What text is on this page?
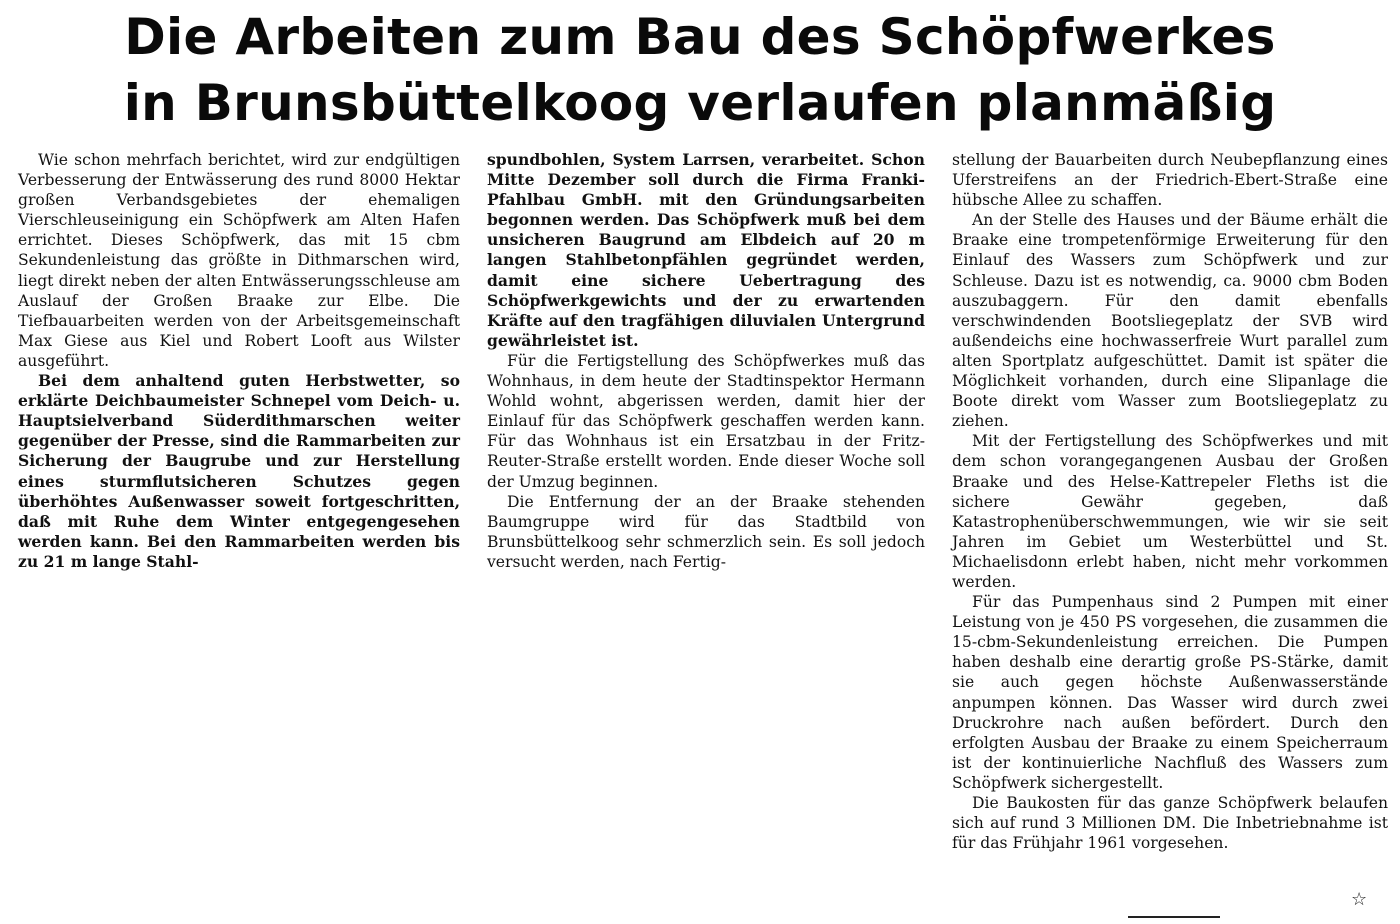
Die Arbeiten zum Bau des Schöpfwerkes
in Brunsbüttelkoog verlaufen planmäßig

Wie schon mehrfach berichtet, wird zur endgültigen Verbesserung der Entwässerung des rund 8000 Hektar großen Verbandsgebietes der ehemaligen Vierschleuseinigung ein Schöpfwerk am Alten Hafen errichtet. Dieses Schöpfwerk, das mit 15 cbm Sekundenleistung das größte in Dithmarschen wird, liegt direkt neben der alten Entwässerungsschleuse am Auslauf der Großen Braake zur Elbe. Die Tiefbauarbeiten werden von der Arbeitsgemeinschaft Max Giese aus Kiel und Robert Looft aus Wilster ausgeführt.

Bei dem anhaltend guten Herbstwetter, so erklärte Deichbaumeister Schnepel vom Deich- u. Hauptsielverband Süderdithmarschen weiter gegenüber der Presse, sind die Rammarbeiten zur Sicherung der Baugrube und zur Herstellung eines sturmflutsicheren Schutzes gegen überhöhtes Außenwasser soweit fortgeschritten, daß mit Ruhe dem Winter entgegengesehen werden kann. Bei den Rammarbeiten werden bis zu 21 m lange Stahl-

spundbohlen, System Larrsen, verarbeitet. Schon Mitte Dezember soll durch die Firma Franki-Pfahlbau GmbH. mit den Gründungsarbeiten begonnen werden. Das Schöpfwerk muß bei dem unsicheren Baugrund am Elbdeich auf 20 m langen Stahlbetonpfählen gegründet werden, damit eine sichere Uebertragung des Schöpfwerkgewichts und der zu erwartenden Kräfte auf den tragfähigen diluvialen Untergrund gewährleistet ist.

Für die Fertigstellung des Schöpfwerkes muß das Wohnhaus, in dem heute der Stadtinspektor Hermann Wohld wohnt, abgerissen werden, damit hier der Einlauf für das Schöpfwerk geschaffen werden kann. Für das Wohnhaus ist ein Ersatzbau in der Fritz-Reuter-Straße erstellt worden. Ende dieser Woche soll der Umzug beginnen.

Die Entfernung der an der Braake stehenden Baumgruppe wird für das Stadtbild von Brunsbüttelkoog sehr schmerzlich sein. Es soll jedoch versucht werden, nach Fertig-

stellung der Bauarbeiten durch Neubepflanzung eines Uferstreifens an der Friedrich-Ebert-Straße eine hübsche Allee zu schaffen.

An der Stelle des Hauses und der Bäume erhält die Braake eine trompetenförmige Erweiterung für den Einlauf des Wassers zum Schöpfwerk und zur Schleuse. Dazu ist es notwendig, ca. 9000 cbm Boden auszubaggern. Für den damit ebenfalls verschwindenden Bootsliegeplatz der SVB wird außendeichs eine hochwasserfreie Wurt parallel zum alten Sportplatz aufgeschüttet. Damit ist später die Möglichkeit vorhanden, durch eine Slipanlage die Boote direkt vom Wasser zum Bootsliegeplatz zu ziehen.

Mit der Fertigstellung des Schöpfwerkes und mit dem schon vorangegangenen Ausbau der Großen Braake und des Helse-Kattrepeler Fleths ist die sichere Gewähr gegeben, daß Katastrophenüberschwemmungen, wie wir sie seit Jahren im Gebiet um Westerbüttel und St. Michaelisdonn erlebt haben, nicht mehr vorkommen werden.

Für das Pumpenhaus sind 2 Pumpen mit einer Leistung von je 450 PS vorgesehen, die zusammen die 15-cbm-Sekundenleistung erreichen. Die Pumpen haben deshalb eine derartig große PS-Stärke, damit sie auch gegen höchste Außenwasserstände anpumpen können. Das Wasser wird durch zwei Druckrohre nach außen befördert. Durch den erfolgten Ausbau der Braake zu einem Speicherraum ist der kontinuierliche Nachfluß des Wassers zum Schöpfwerk sichergestellt.

Die Baukosten für das ganze Schöpfwerk belaufen sich auf rund 3 Millionen DM. Die Inbetriebnahme ist für das Frühjahr 1961 vorgesehen.

☆
